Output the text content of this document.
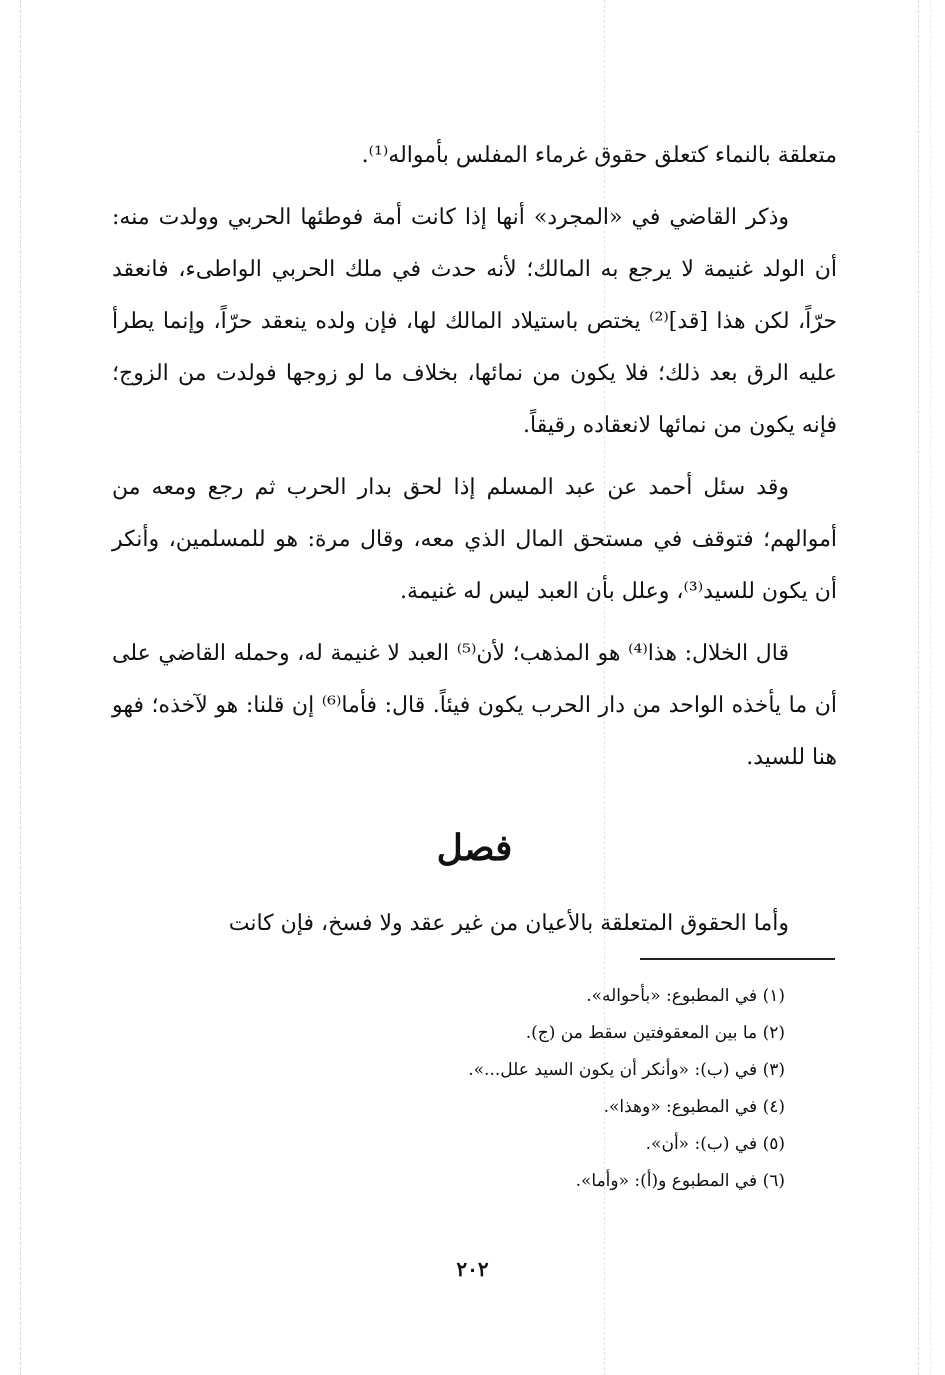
متعلقة بالنماء كتعلق حقوق غرماء المفلس بأمواله⁽¹⁾.

وذكر القاضي في «المجرد» أنها إذا كانت أمة فوطئها الحربي وولدت منه: أن الولد غنيمة لا يرجع به المالك؛ لأنه حدث في ملك الحربي الواطىء، فانعقد حرّاً، لكن هذا [قد]⁽²⁾ يختص باستيلاد المالك لها، فإن ولده ينعقد حرّاً، وإنما يطرأ عليه الرق بعد ذلك؛ فلا يكون من نمائها، بخلاف ما لو زوجها فولدت من الزوج؛ فإنه يكون من نمائها لانعقاده رقيقاً.

وقد سئل أحمد عن عبد المسلم إذا لحق بدار الحرب ثم رجع ومعه من أموالهم؛ فتوقف في مستحق المال الذي معه، وقال مرة: هو للمسلمين، وأنكر أن يكون للسيد⁽³⁾، وعلل بأن العبد ليس له غنيمة.

قال الخلال: هذا⁽⁴⁾ هو المذهب؛ لأن⁽⁵⁾ العبد لا غنيمة له، وحمله القاضي على أن ما يأخذه الواحد من دار الحرب يكون فيئاً. قال: فأما⁽⁶⁾ إن قلنا: هو لآخذه؛ فهو هنا للسيد.

فصل
وأما الحقوق المتعلقة بالأعيان من غير عقد ولا فسخ، فإن كانت
(١) في المطبوع: «بأحواله».
(٢) ما بين المعقوفتين سقط من (ج).
(٣) في (ب): «وأنكر أن يكون السيد علل...».
(٤) في المطبوع: «وهذا».
(٥) في (ب): «أن».
(٦) في المطبوع و(أ): «وأما».
٢٠٢
